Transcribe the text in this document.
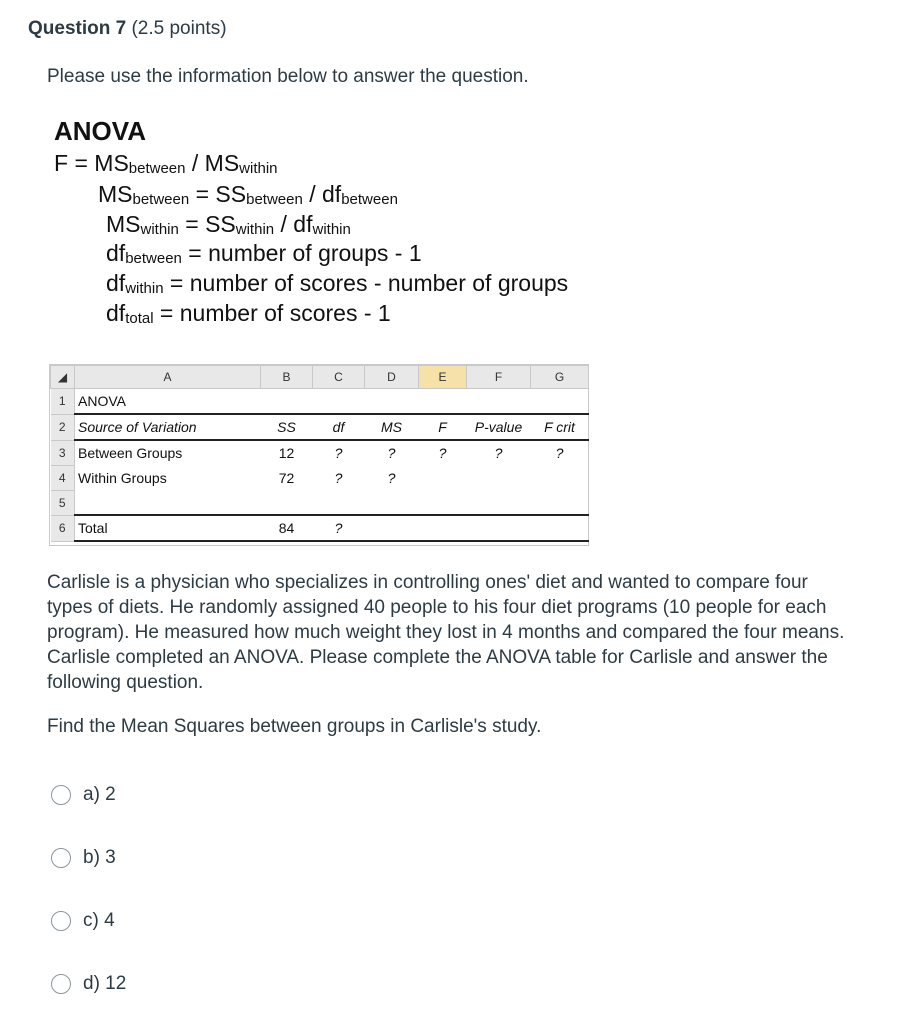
Question 7 (2.5 points)
Please use the information below to answer the question.
ANOVA
$F = MS_{between} / MS_{within}$
$MS_{between} = SS_{between} / df_{between}$
$MS_{within} = SS_{within} / df_{within}$
$df_{between}$ = number of groups - 1
$df_{within}$ = number of scores - number of groups
$df_{total}$ = number of scores - 1
◢	A	B	C	D	E	F	G
1	ANOVA						
2	Source of Variation	SS	df	MS	F	P-value	F crit
3	Between Groups	12	?	?	?	?	?
4	Within Groups	72	?	?			
5							
6	Total	84	?				
Carlisle is a physician who specializes in controlling ones' diet and wanted to compare four types of diets. He randomly assigned 40 people to his four diet programs (10 people for each program). He measured how much weight they lost in 4 months and compared the four means. Carlisle completed an ANOVA. Please complete the ANOVA table for Carlisle and answer the following question.
Find the Mean Squares between groups in Carlisle's study.
a) 2
b) 3
c) 4
d) 12
